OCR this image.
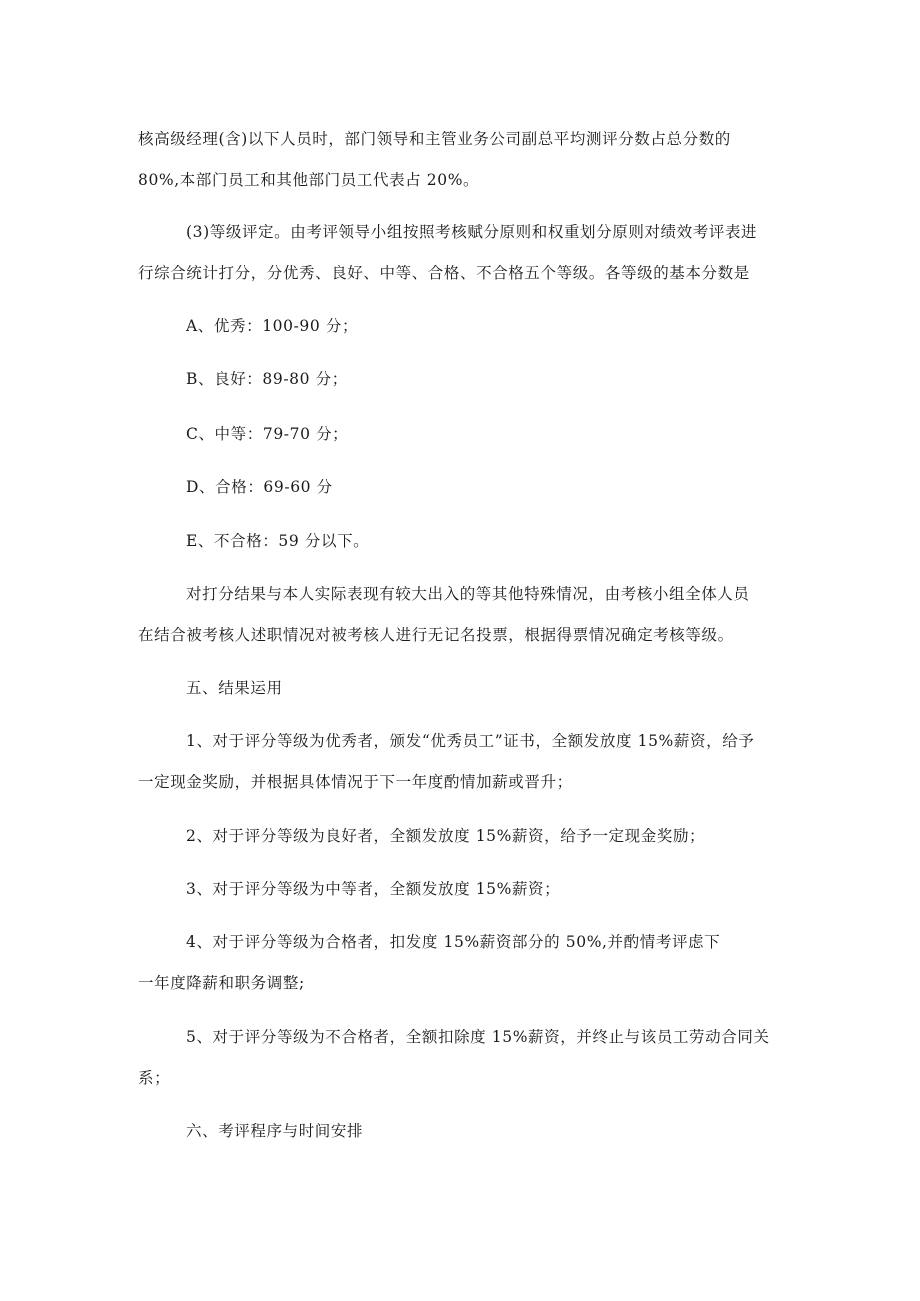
核高级经理(含)以下人员时，部门领导和主管业务公司副总平均测评分数占总分数的
80%,本部门员工和其他部门员工代表占 20%。
(3)等级评定。由考评领导小组按照考核赋分原则和权重划分原则对绩效考评表进
行综合统计打分，分优秀、良好、中等、合格、不合格五个等级。各等级的基本分数是
A、优秀：100-90 分；
B、良好：89-80 分；
C、中等：79-70 分；
D、合格：69-60 分
E、不合格：59 分以下。
对打分结果与本人实际表现有较大出入的等其他特殊情况，由考核小组全体人员
在结合被考核人述职情况对被考核人进行无记名投票，根据得票情况确定考核等级。
五、结果运用
1、对于评分等级为优秀者，颁发“优秀员工”证书，全额发放度 15%薪资，给予
一定现金奖励，并根据具体情况于下一年度酌情加薪或晋升；
2、对于评分等级为良好者，全额发放度 15%薪资，给予一定现金奖励；
3、对于评分等级为中等者，全额发放度 15%薪资；
4、对于评分等级为合格者，扣发度 15%薪资部分的 50%,并酌情考评虑下
一年度降薪和职务调整;
5、对于评分等级为不合格者，全额扣除度 15%薪资，并终止与该员工劳动合同关
系；
六、考评程序与时间安排
